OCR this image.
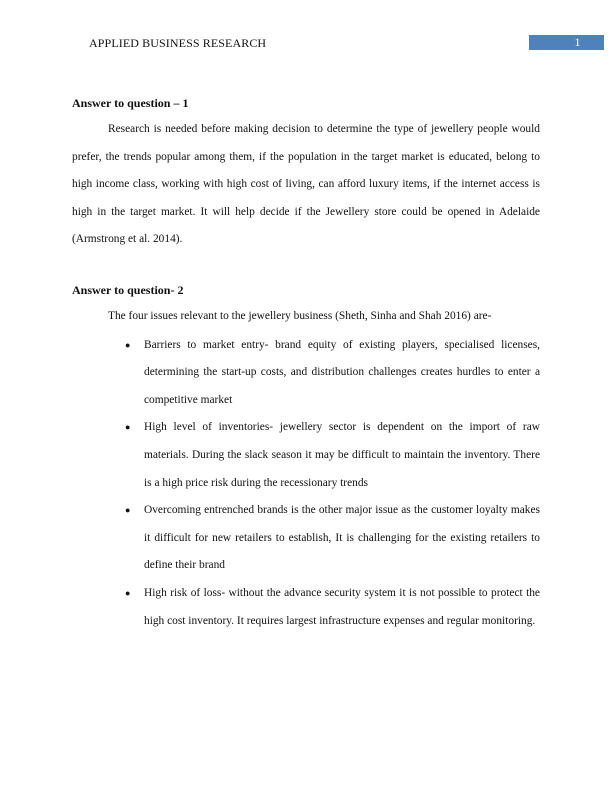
APPLIED BUSINESS RESEARCH	1

Answer to question – 1

Research is needed before making decision to determine the type of jewellery people would prefer, the trends popular among them, if the population in the target market is educated, belong to high income class, working with high cost of living, can afford luxury items, if the internet access is high in the target market. It will help decide if the Jewellery store could be opened in Adelaide (Armstrong et al. 2014).

Answer to question- 2

The four issues relevant to the jewellery business (Sheth, Sinha and Shah 2016) are-

● Barriers to market entry- brand equity of existing players, specialised licenses, determining the start-up costs, and distribution challenges creates hurdles to enter a competitive market
● High level of inventories- jewellery sector is dependent on the import of raw materials. During the slack season it may be difficult to maintain the inventory. There is a high price risk during the recessionary trends
● Overcoming entrenched brands is the other major issue as the customer loyalty makes it difficult for new retailers to establish, It is challenging for the existing retailers to define their brand
● High risk of loss- without the advance security system it is not possible to protect the high cost inventory. It requires largest infrastructure expenses and regular monitoring.
